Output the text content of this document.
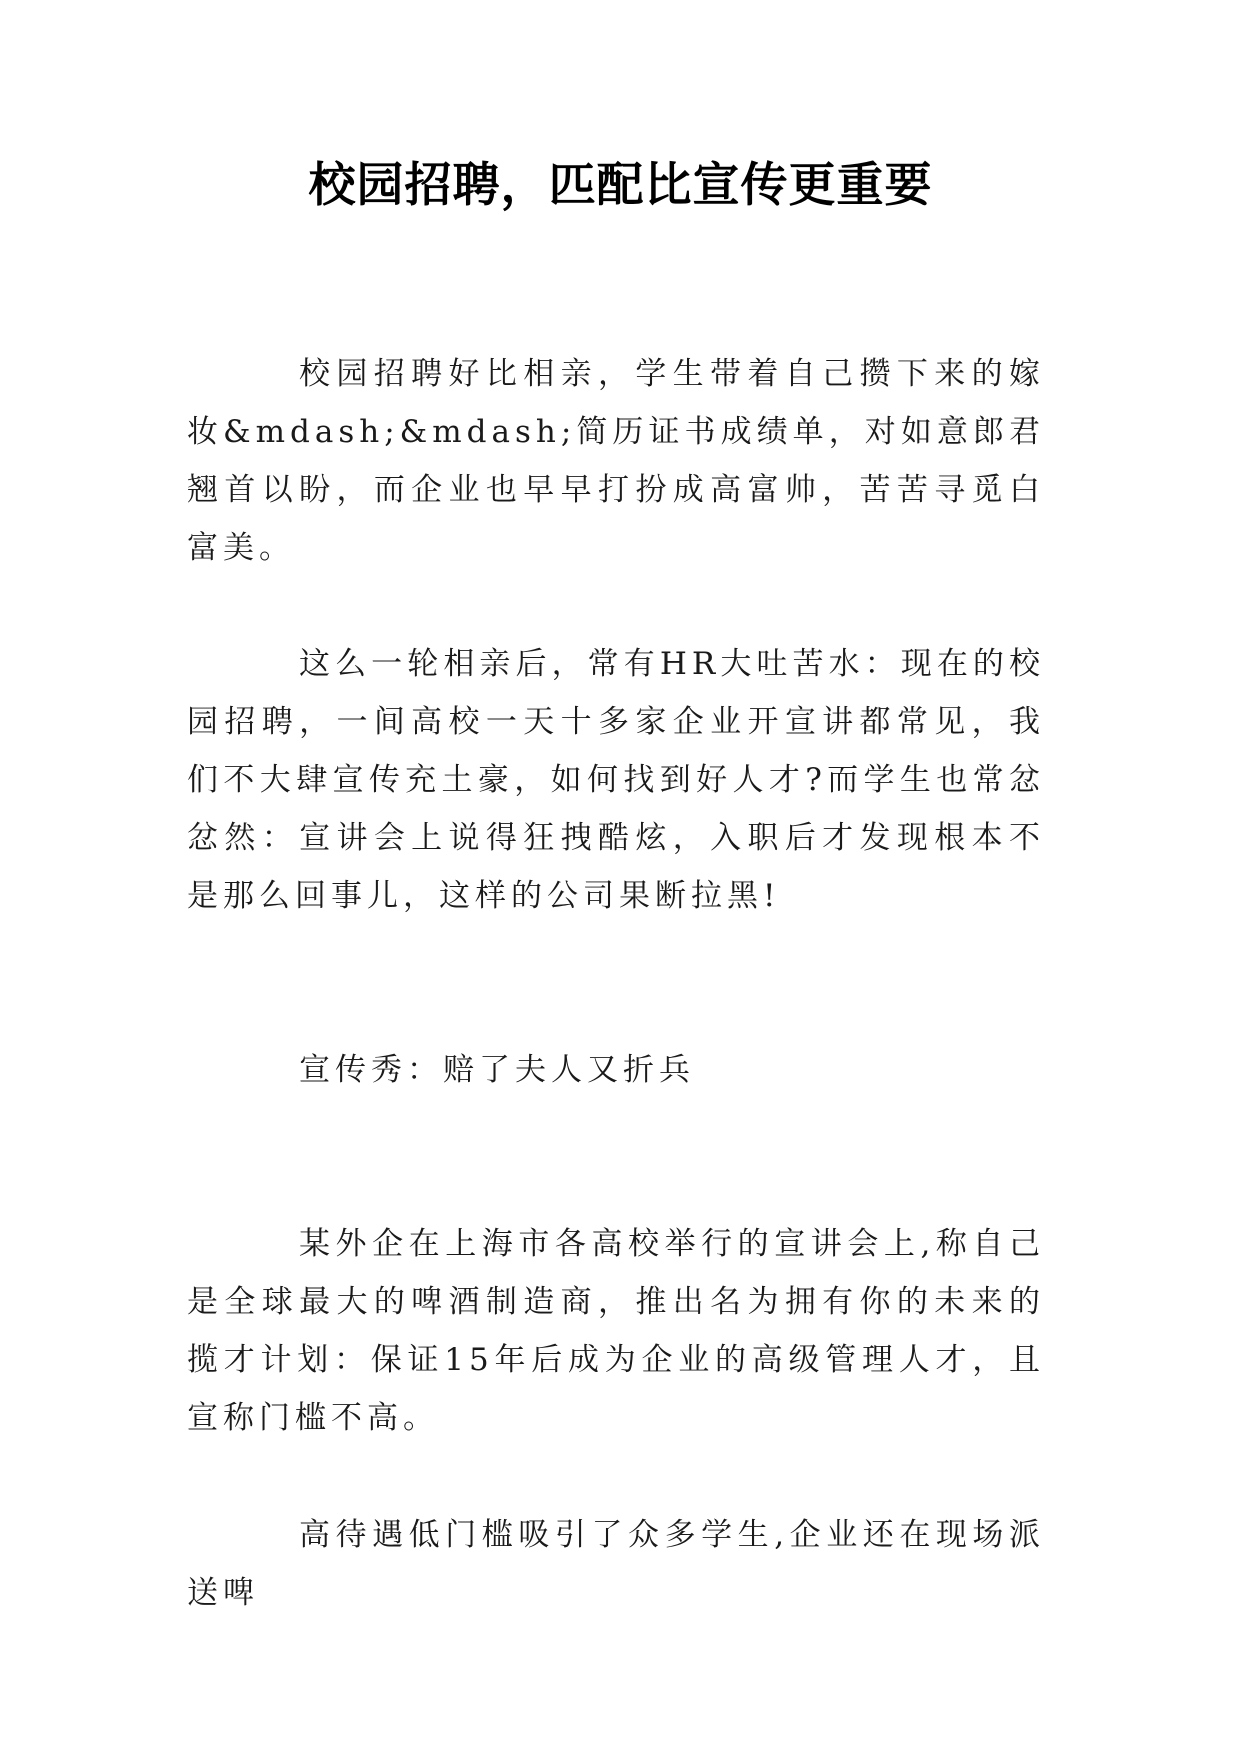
校园招聘，匹配比宣传更重要
校园招聘好比相亲，学生带着自己攒下来的嫁妆&mdash;&mdash;简历证书成绩单，对如意郎君翘首以盼，而企业也早早打扮成高富帅，苦苦寻觅白富美。
这么一轮相亲后，常有HR大吐苦水：现在的校园招聘，一间高校一天十多家企业开宣讲都常见，我们不大肆宣传充土豪，如何找到好人才?而学生也常忿忿然：宣讲会上说得狂拽酷炫，入职后才发现根本不是那么回事儿，这样的公司果断拉黑!
宣传秀：赔了夫人又折兵
某外企在上海市各高校举行的宣讲会上,称自己是全球最大的啤酒制造商，推出名为拥有你的未来的揽才计划：保证15年后成为企业的高级管理人才，且宣称门槛不高。
高待遇低门槛吸引了众多学生,企业还在现场派送啤
